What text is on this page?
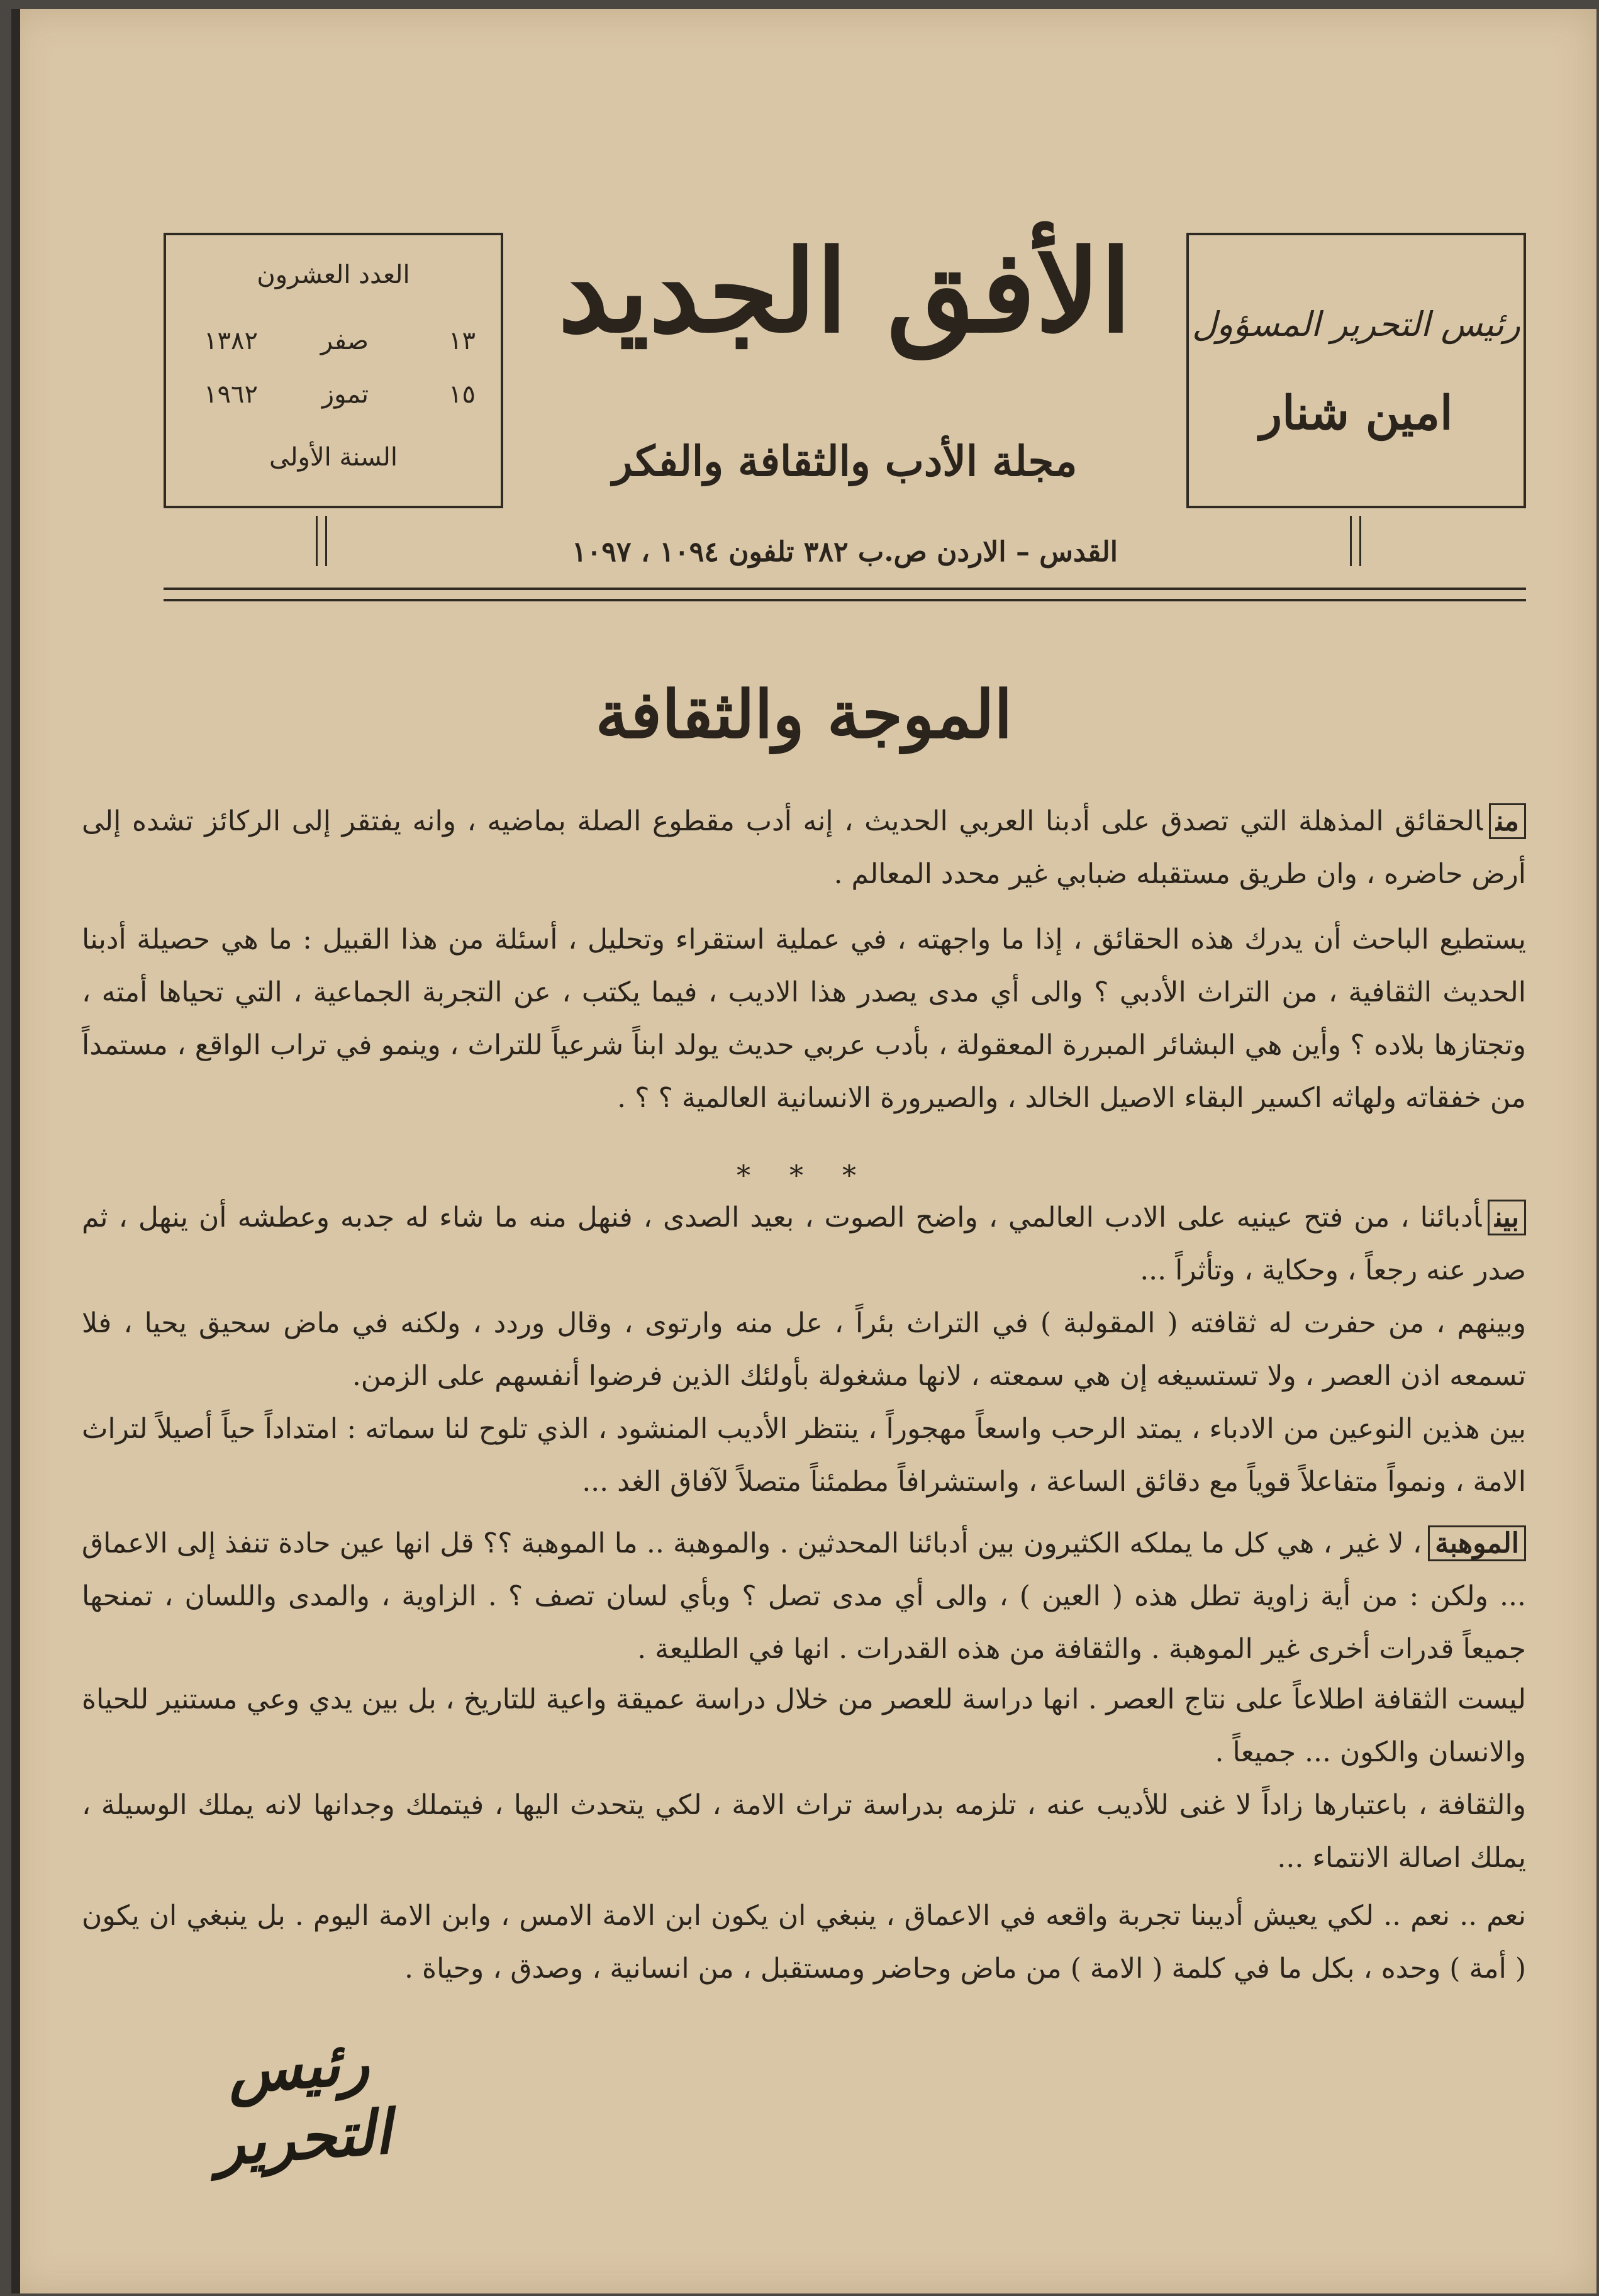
رئيس التحرير المسؤول
امين شنار
العدد العشرون
١٣
صفر
١٣٨٢
١٥
تموز
١٩٦٢
السنة الأولى
الأفق الجديد
مجلة الأدب والثقافة والفكر
القدس – الاردن ص.ب ٣٨٢ تلفون ١٠٩٤ ، ١٠٩٧
الموجة والثقافة
منالحقائق المذهلة التي تصدق على أدبنا العربي الحديث ، إنه أدب مقطوع الصلة بماضيه ، وانه يفتقر إلى الركائز تشده إلى أرض حاضره ، وان طريق مستقبله ضبابي غير محدد المعالم .
يستطيع الباحث أن يدرك هذه الحقائق ، إذا ما واجهته ، في عملية استقراء وتحليل ، أسئلة من هذا القبيل : ما هي حصيلة أدبنا الحديث الثقافية ، من التراث الأدبي ؟ والى أي مدى يصدر هذا الاديب ، فيما يكتب ، عن التجربة الجماعية ، التي تحياها أمته ، وتجتازها بلاده ؟ وأين هي البشائر المبررة المعقولة ، بأدب عربي حديث يولد ابناً شرعياً للتراث ، وينمو في تراب الواقع ، مستمداً من خفقاته ولهاثه اكسير البقاء الاصيل الخالد ، والصيرورة الانسانية العالمية ؟ ؟ .
* * *
بينأدبائنا ، من فتح عينيه على الادب العالمي ، واضح الصوت ، بعيد الصدى ، فنهل منه ما شاء له جدبه وعطشه أن ينهل ، ثم صدر عنه رجعاً ، وحكاية ، وتأثراً ...
وبينهم ، من حفرت له ثقافته ( المقولبة ) في التراث بئراً ، عل منه وارتوى ، وقال وردد ، ولكنه في ماض سحيق يحيا ، فلا تسمعه اذن العصر ، ولا تستسيغه إن هي سمعته ، لانها مشغولة بأولئك الذين فرضوا أنفسهم على الزمن.
بين هذين النوعين من الادباء ، يمتد الرحب واسعاً مهجوراً ، ينتظر الأديب المنشود ، الذي تلوح لنا سماته : امتداداً حياً أصيلاً لتراث الامة ، ونمواً متفاعلاً قوياً مع دقائق الساعة ، واستشرافاً مطمئناً متصلاً لآفاق الغد ...
الموهبة، لا غير ، هي كل ما يملكه الكثيرون بين أدبائنا المحدثين . والموهبة .. ما الموهبة ؟؟ قل انها عين حادة تنفذ إلى الاعماق ... ولكن : من أية زاوية تطل هذه ( العين ) ، والى أي مدى تصل ؟ وبأي لسان تصف ؟ . الزاوية ، والمدى واللسان ، تمنحها جميعاً قدرات أخرى غير الموهبة . والثقافة من هذه القدرات . انها في الطليعة .
ليست الثقافة اطلاعاً على نتاج العصر . انها دراسة للعصر من خلال دراسة عميقة واعية للتاريخ ، بل بين يدي وعي مستنير للحياة والانسان والكون ... جميعاً .
والثقافة ، باعتبارها زاداً لا غنى للأديب عنه ، تلزمه بدراسة تراث الامة ، لكي يتحدث اليها ، فيتملك وجدانها لانه يملك الوسيلة ، يملك اصالة الانتماء ...
نعم .. نعم .. لكي يعيش أديبنا تجربة واقعه في الاعماق ، ينبغي ان يكون ابن الامة الامس ، وابن الامة اليوم . بل ينبغي ان يكون ( أمة ) وحده ، بكل ما في كلمة ( الامة ) من ماض وحاضر ومستقبل ، من انسانية ، وصدق ، وحياة .
رئيس التحرير
